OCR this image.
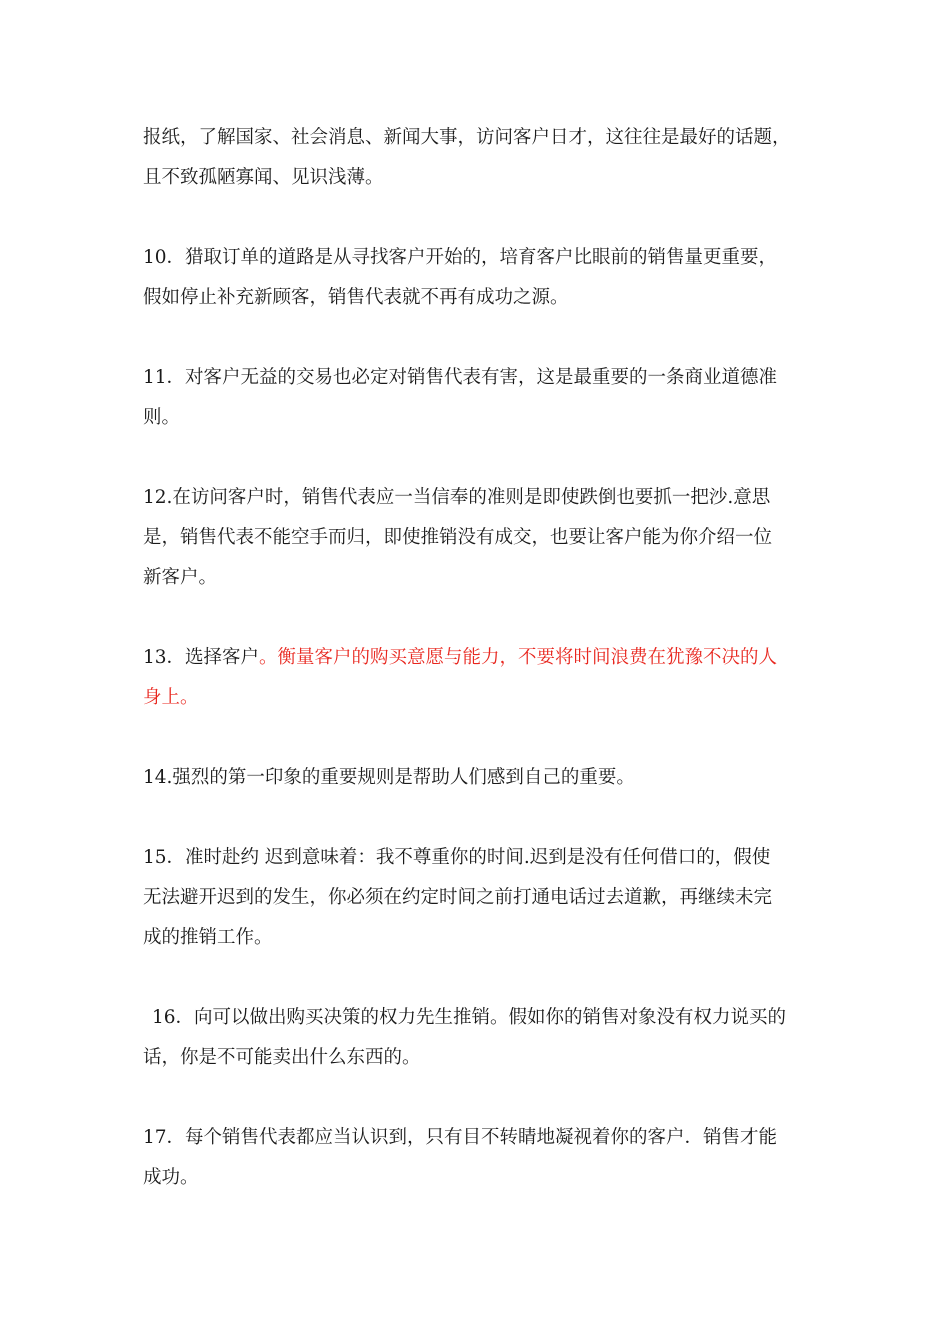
报纸，了解国家、社会消息、新闻大事，访问客户日才，这往往是最好的话题，
且不致孤陋寡闻、见识浅薄。

10．猎取订单的道路是从寻找客户开始的，培育客户比眼前的销售量更重要，
假如停止补充新顾客，销售代表就不再有成功之源。

11．对客户无益的交易也必定对销售代表有害，这是最重要的一条商业道德准
则。

12.在访问客户时，销售代表应一当信奉的准则是即使跌倒也要抓一把沙.意思
是，销售代表不能空手而归，即使推销没有成交，也要让客户能为你介绍一位
新客户。

13．选择客户。衡量客户的购买意愿与能力，不要将时间浪费在犹豫不决的人
身上。

14.强烈的第一印象的重要规则是帮助人们感到自己的重要。

15．准时赴约 迟到意味着：我不尊重你的时间.迟到是没有任何借口的，假使
无法避开迟到的发生，你必须在约定时间之前打通电话过去道歉，再继续未完
成的推销工作。

16．向可以做出购买决策的权力先生推销。假如你的销售对象没有权力说买的
话，你是不可能卖出什么东西的。

17．每个销售代表都应当认识到，只有目不转睛地凝视着你的客户．销售才能
成功。
